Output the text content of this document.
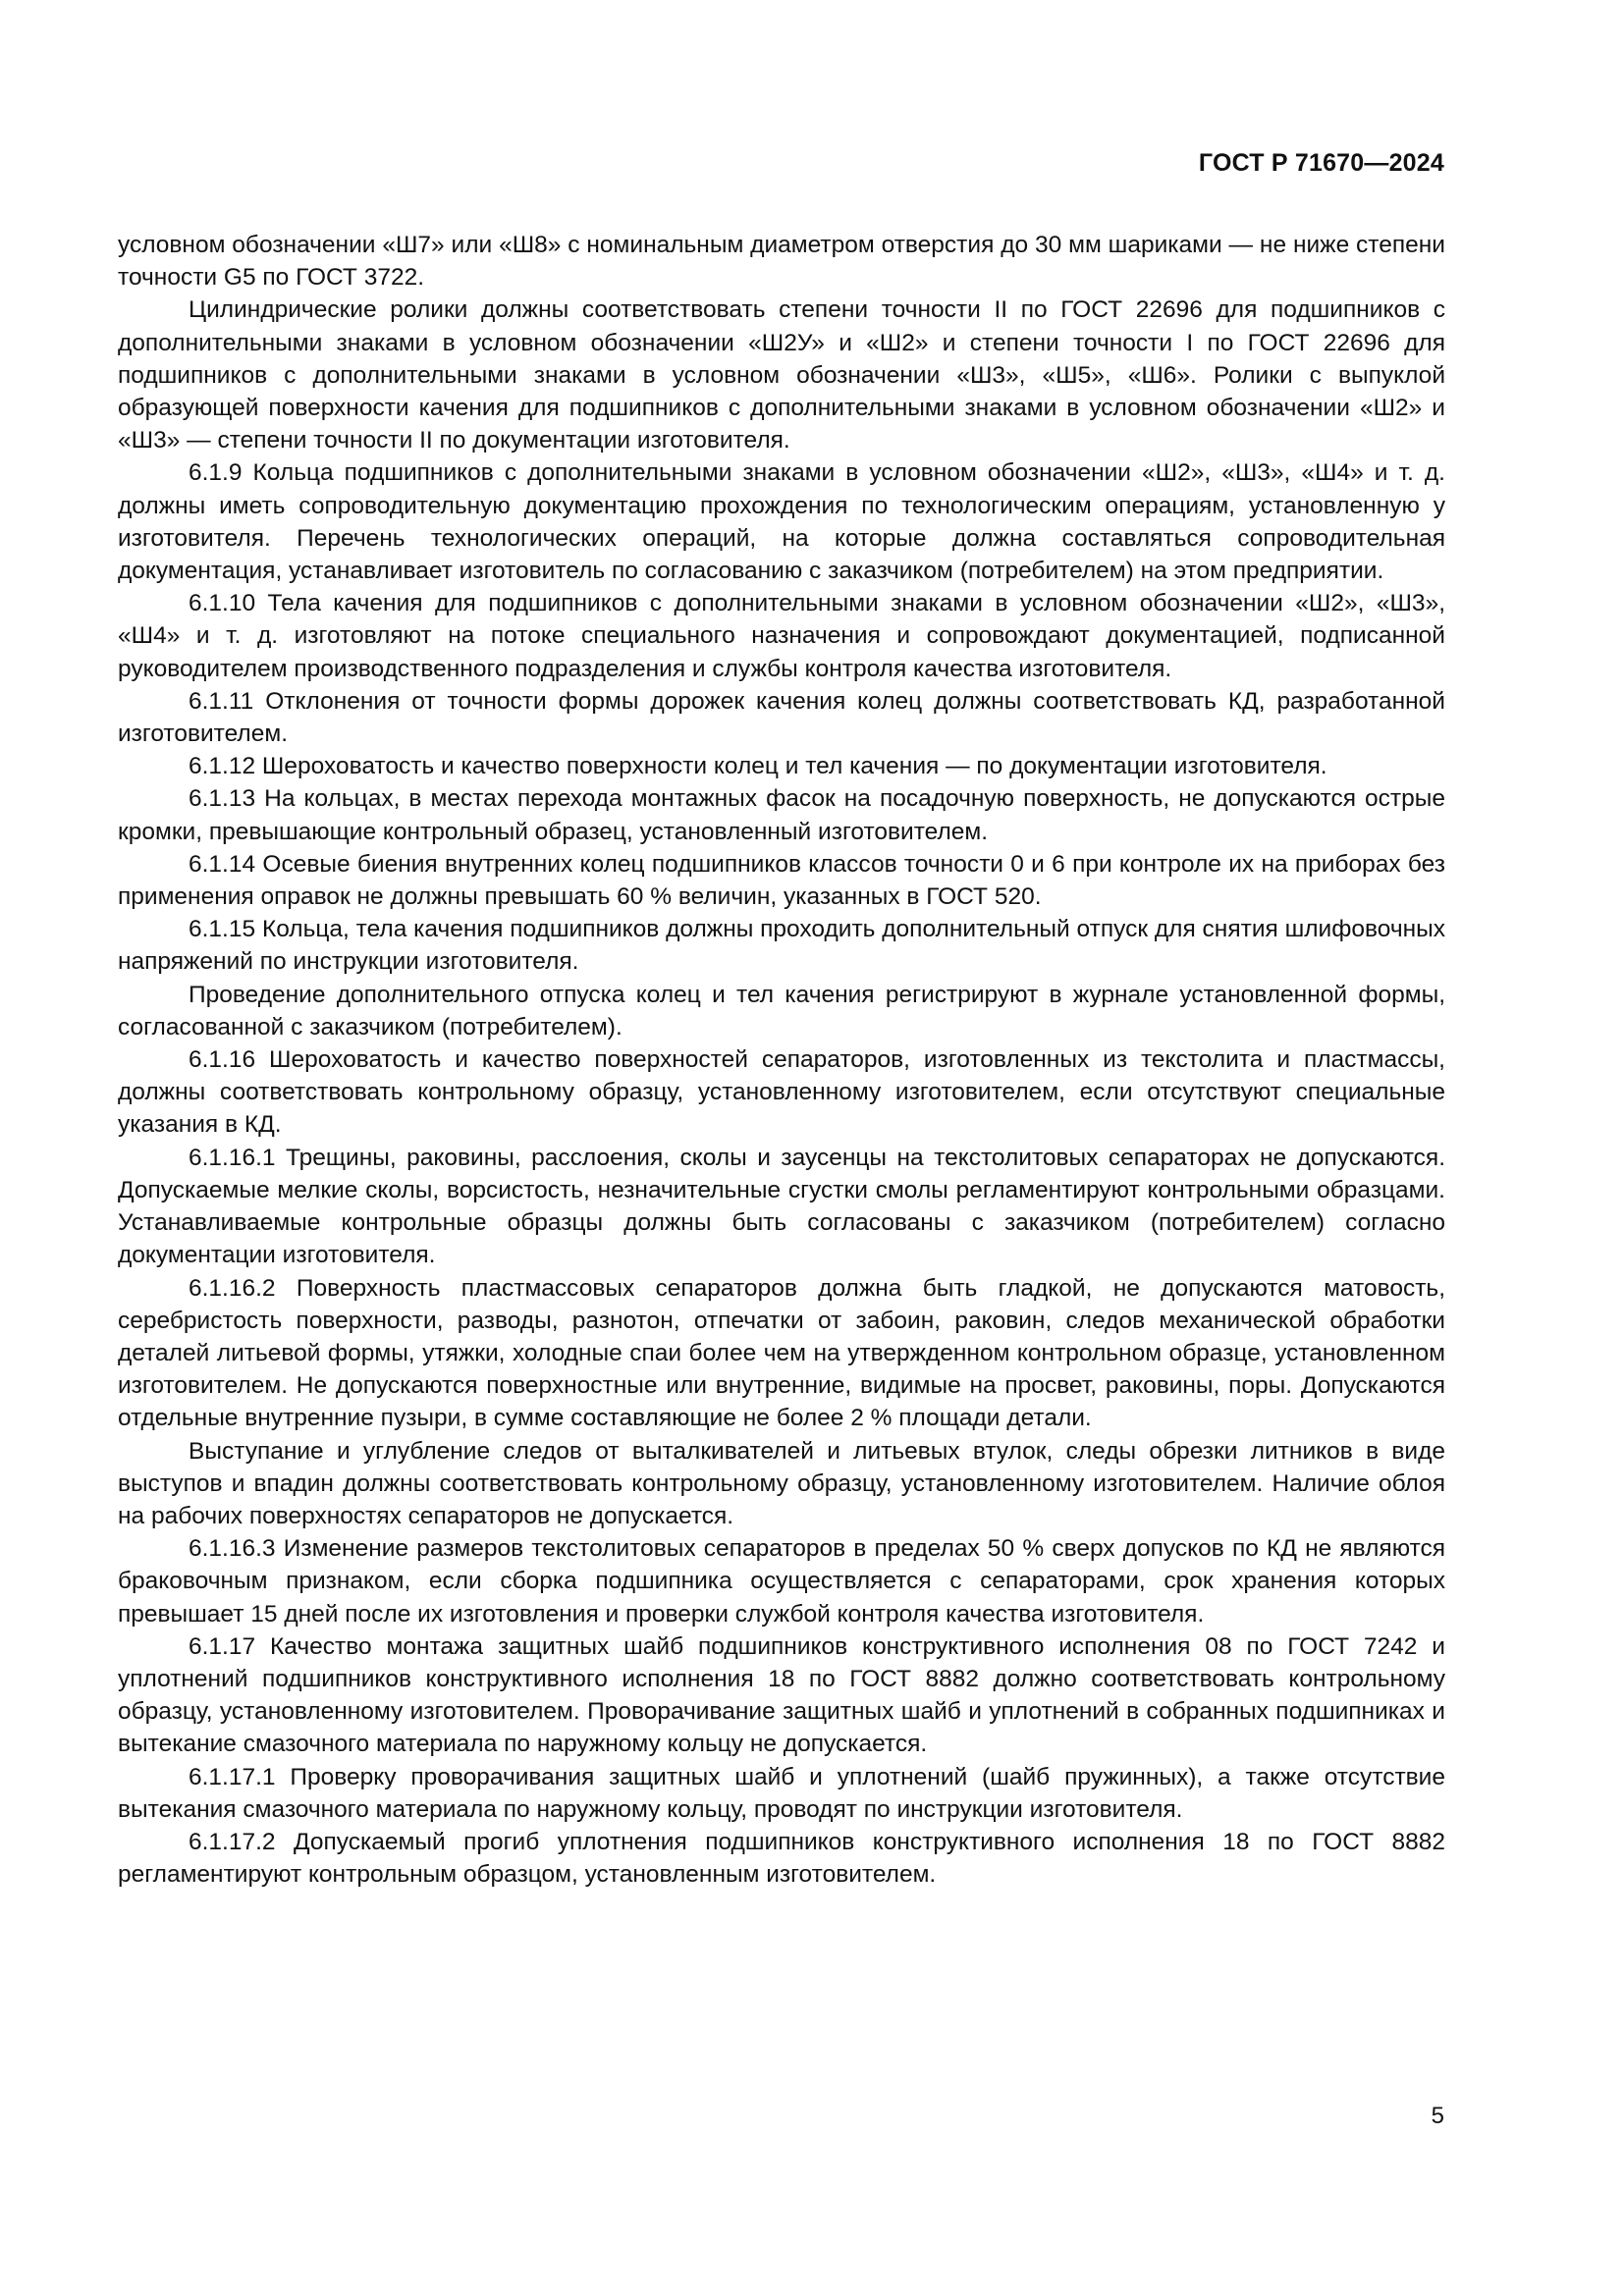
ГОСТ Р 71670—2024

условном обозначении «Ш7» или «Ш8» с номинальным диаметром отверстия до 30 мм шариками — не ниже степени точности G5 по ГОСТ 3722.

Цилиндрические ролики должны соответствовать степени точности II по ГОСТ 22696 для подшипников с дополнительными знаками в условном обозначении «Ш2У» и «Ш2» и степени точности I по ГОСТ 22696 для подшипников с дополнительными знаками в условном обозначении «Ш3», «Ш5», «Ш6». Ролики с выпуклой образующей поверхности качения для подшипников с дополнительными знаками в условном обозначении «Ш2» и «Ш3» — степени точности II по документации изготовителя.

6.1.9 Кольца подшипников с дополнительными знаками в условном обозначении «Ш2», «Ш3», «Ш4» и т. д. должны иметь сопроводительную документацию прохождения по технологическим операциям, установленную у изготовителя. Перечень технологических операций, на которые должна составляться сопроводительная документация, устанавливает изготовитель по согласованию с заказчиком (потребителем) на этом предприятии.

6.1.10 Тела качения для подшипников с дополнительными знаками в условном обозначении «Ш2», «Ш3», «Ш4» и т. д. изготовляют на потоке специального назначения и сопровождают документацией, подписанной руководителем производственного подразделения и службы контроля качества изготовителя.

6.1.11 Отклонения от точности формы дорожек качения колец должны соответствовать КД, разработанной изготовителем.

6.1.12 Шероховатость и качество поверхности колец и тел качения — по документации изготовителя.

6.1.13 На кольцах, в местах перехода монтажных фасок на посадочную поверхность, не допускаются острые кромки, превышающие контрольный образец, установленный изготовителем.

6.1.14 Осевые биения внутренних колец подшипников классов точности 0 и 6 при контроле их на приборах без применения оправок не должны превышать 60 % величин, указанных в ГОСТ 520.

6.1.15 Кольца, тела качения подшипников должны проходить дополнительный отпуск для снятия шлифовочных напряжений по инструкции изготовителя.

Проведение дополнительного отпуска колец и тел качения регистрируют в журнале установленной формы, согласованной с заказчиком (потребителем).

6.1.16 Шероховатость и качество поверхностей сепараторов, изготовленных из текстолита и пластмассы, должны соответствовать контрольному образцу, установленному изготовителем, если отсутствуют специальные указания в КД.

6.1.16.1 Трещины, раковины, расслоения, сколы и заусенцы на текстолитовых сепараторах не допускаются. Допускаемые мелкие сколы, ворсистость, незначительные сгустки смолы регламентируют контрольными образцами. Устанавливаемые контрольные образцы должны быть согласованы с заказчиком (потребителем) согласно документации изготовителя.

6.1.16.2 Поверхность пластмассовых сепараторов должна быть гладкой, не допускаются матовость, серебристость поверхности, разводы, разнотон, отпечатки от забоин, раковин, следов механической обработки деталей литьевой формы, утяжки, холодные спаи более чем на утвержденном контрольном образце, установленном изготовителем. Не допускаются поверхностные или внутренние, видимые на просвет, раковины, поры. Допускаются отдельные внутренние пузыри, в сумме составляющие не более 2 % площади детали.

Выступание и углубление следов от выталкивателей и литьевых втулок, следы обрезки литников в виде выступов и впадин должны соответствовать контрольному образцу, установленному изготовителем. Наличие облоя на рабочих поверхностях сепараторов не допускается.

6.1.16.3 Изменение размеров текстолитовых сепараторов в пределах 50 % сверх допусков по КД не являются браковочным признаком, если сборка подшипника осуществляется с сепараторами, срок хранения которых превышает 15 дней после их изготовления и проверки службой контроля качества изготовителя.

6.1.17 Качество монтажа защитных шайб подшипников конструктивного исполнения 08 по ГОСТ 7242 и уплотнений подшипников конструктивного исполнения 18 по ГОСТ 8882 должно соответствовать контрольному образцу, установленному изготовителем. Проворачивание защитных шайб и уплотнений в собранных подшипниках и вытекание смазочного материала по наружному кольцу не допускается.

6.1.17.1 Проверку проворачивания защитных шайб и уплотнений (шайб пружинных), а также отсутствие вытекания смазочного материала по наружному кольцу, проводят по инструкции изготовителя.

6.1.17.2 Допускаемый прогиб уплотнения подшипников конструктивного исполнения 18 по ГОСТ 8882 регламентируют контрольным образцом, установленным изготовителем.

5
